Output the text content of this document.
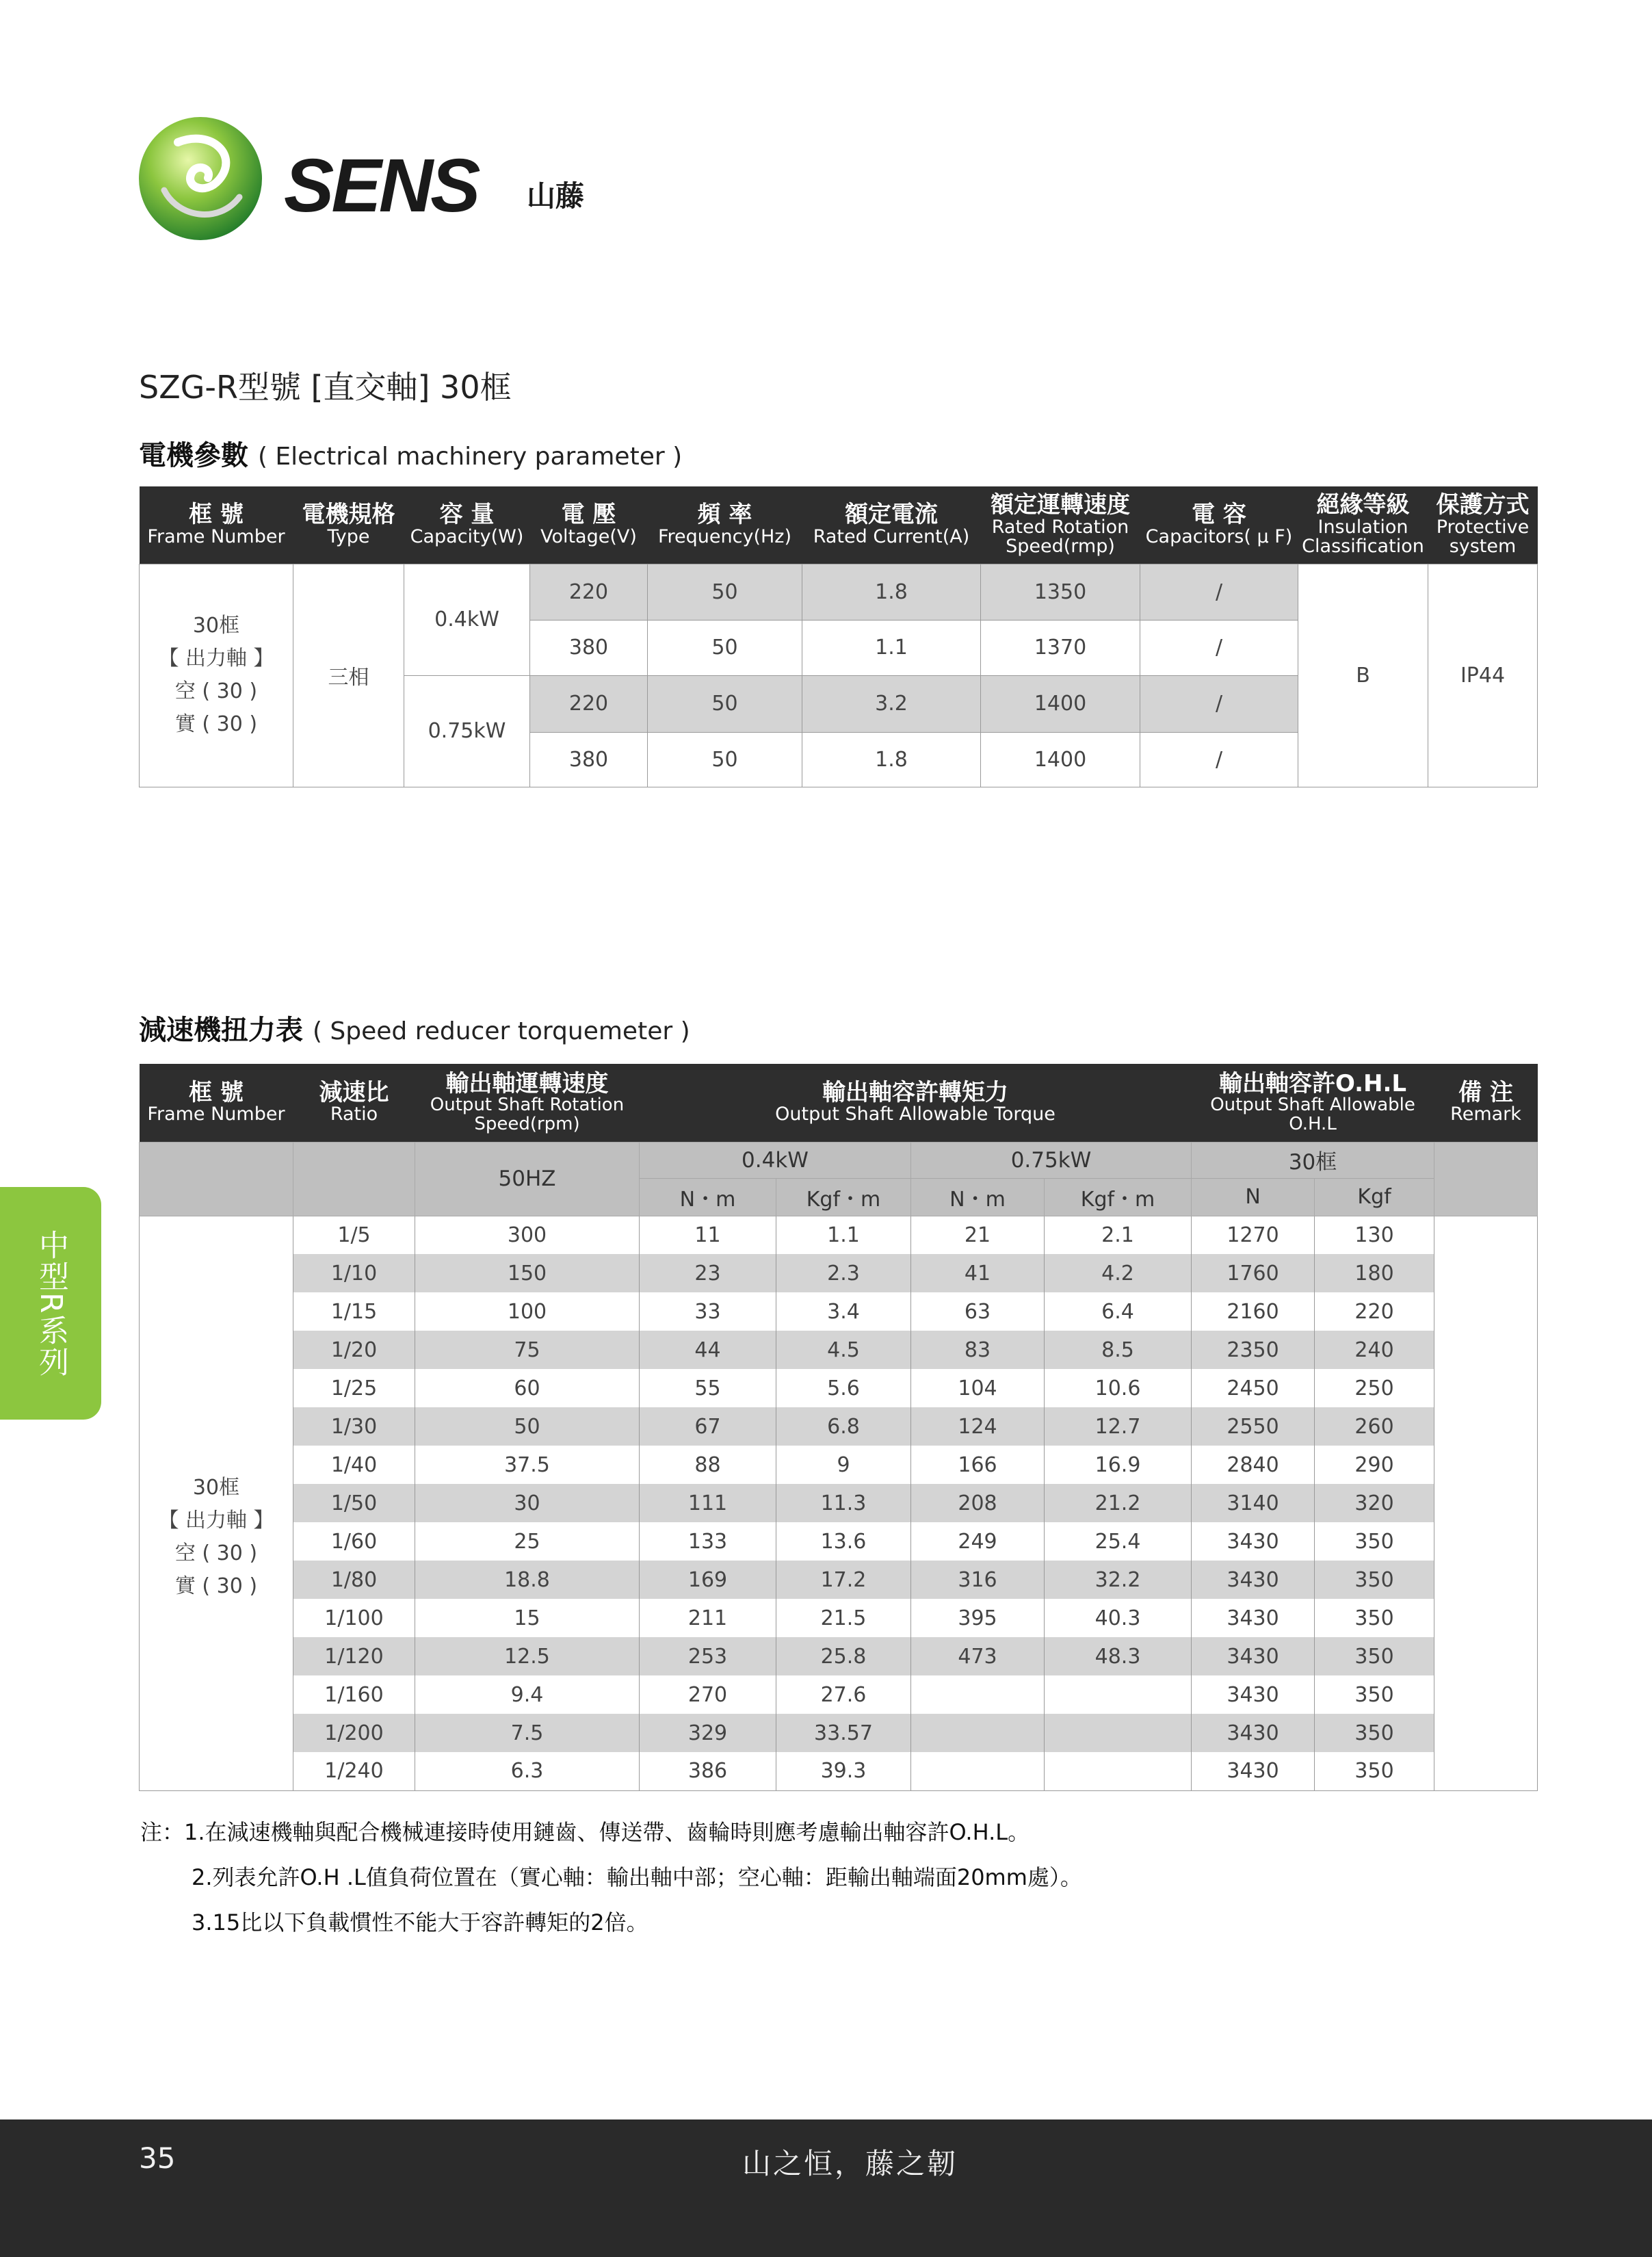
SENS 山藤
SZG-R型號 [直交軸] 30框
電機參數 ( Electrical machinery parameter )
框 號
Frame Number	電機規格
Type	容 量
Capacity(W)	電 壓
Voltage(V)	頻 率
Frequency(Hz)	額定電流
Rated Current(A)	額定運轉速度
Rated Rotation Speed(rmp)	電 容
Capacitors( μ F)	絕緣等級
Insulation Classification	保護方式
Protective system

30框
【 出力軸 】
空 ( 30 )
實 ( 30 )	三相	0.4kW	220	50	1.8	1350	/	B	IP44
			380	50	1.1	1370	/		
		0.75kW	220	50	3.2	1400	/		
			380	50	1.8	1400	/		
減速機扭力表 ( Speed reducer torquemeter )
框 號
Frame Number	減速比
Ratio	輸出軸運轉速度
Output Shaft Rotation Speed(rpm)	輸出軸容許轉矩力
Output Shaft Allowable Torque				輸出軸容許O.H.L
Output Shaft Allowable O.H.L		備 注
Remark

		50HZ	0.4kW		0.75kW		30框		
			N・m	Kgf・m	N・m	Kgf・m	N	Kgf	

30框
【 出力軸 】
空 ( 30 )
實 ( 30 )	1/5	300	11	1.1	21	2.1	1270	130	
	1/10	150	23	2.3	41	4.2	1760	180	
	1/15	100	33	3.4	63	6.4	2160	220	
	1/20	75	44	4.5	83	8.5	2350	240	
	1/25	60	55	5.6	104	10.6	2450	250	
	1/30	50	67	6.8	124	12.7	2550	260	
	1/40	37.5	88	9	166	16.9	2840	290	
	1/50	30	111	11.3	208	21.2	3140	320	
	1/60	25	133	13.6	249	25.4	3430	350	
	1/80	18.8	169	17.2	316	32.2	3430	350	
	1/100	15	211	21.5	395	40.3	3430	350	
	1/120	12.5	253	25.8	473	48.3	3430	350	
	1/160	9.4	270	27.6			3430	350	
	1/200	7.5	329	33.57			3430	350	
	1/240	6.3	386	39.3			3430	350	
中型R系列
注：1.在減速機軸與配合機械連接時使用鏈齒、傳送帶、齒輪時則應考慮輸出軸容許O.H.L。
2.列表允許O.H .L值負荷位置在（實心軸：輸出軸中部；空心軸：距輸出軸端面20mm處）。
3.15比以下負載慣性不能大于容許轉矩的2倍。
35	山之恒，藤之韌
